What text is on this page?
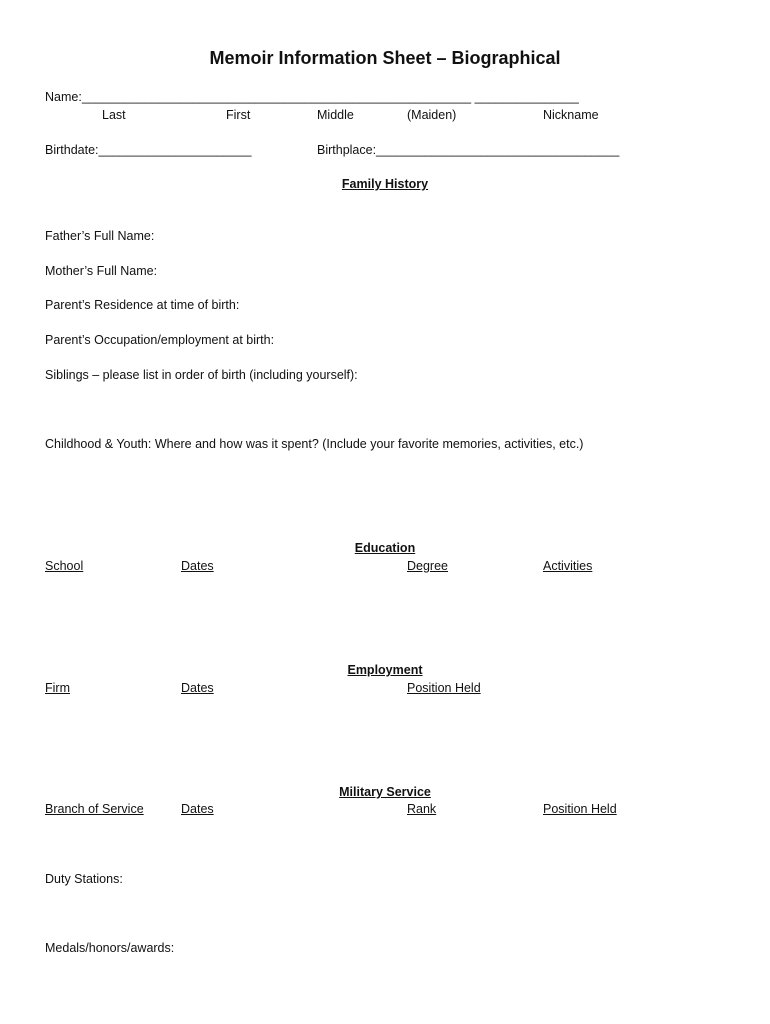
Memoir Information Sheet – Biographical
Name:________________________________________________________ _______________
Last	First	Middle	(Maiden)	Nickname
Birthdate:______________________	Birthplace:___________________________________
Family History
Father’s Full Name:
Mother’s Full Name:
Parent’s Residence at time of birth:
Parent’s Occupation/employment at birth:
Siblings – please list in order of birth (including yourself):
Childhood & Youth: Where and how was it spent? (Include your favorite memories, activities, etc.)
Education
School	Dates	Degree	Activities
Employment
Firm	Dates	Position Held
Military Service
Branch of Service	Dates	Rank	Position Held
Duty Stations:
Medals/honors/awards:
